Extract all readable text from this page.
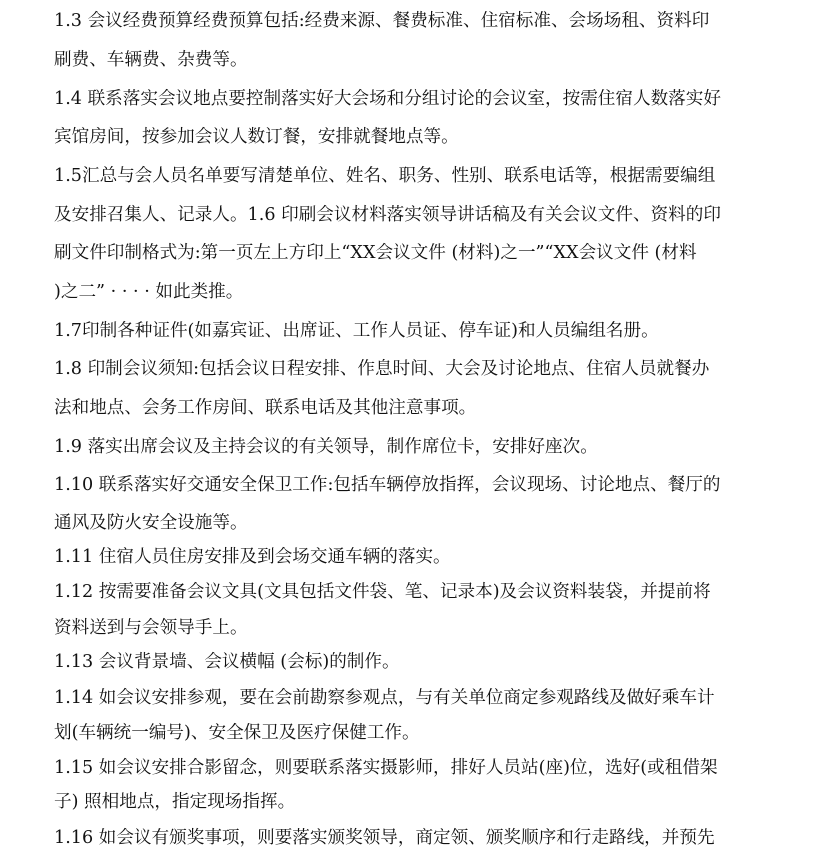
1.3 会议经费预算经费预算包括:经费来源、餐费标准、住宿标准、会场场租、资料印
刷费、车辆费、杂费等。
1.4 联系落实会议地点要控制落实好大会场和分组讨论的会议室，按需住宿人数落实好
宾馆房间，按参加会议人数订餐，安排就餐地点等。
1.5汇总与会人员名单要写清楚单位、姓名、职务、性别、联系电话等，根据需要编组
及安排召集人、记录人。1.6 印刷会议材料落实领导讲话稿及有关会议文件、资料的印
刷文件印制格式为:第一页左上方印上“XX会议文件 (材料)之一”“XX会议文件 (材料
)之二” · · · · 如此类推。
1.7印制各种证件(如嘉宾证、出席证、工作人员证、停车证)和人员编组名册。
1.8 印制会议须知:包括会议日程安排、作息时间、大会及讨论地点、住宿人员就餐办
法和地点、会务工作房间、联系电话及其他注意事项。
1.9 落实出席会议及主持会议的有关领导，制作席位卡，安排好座次。
1.10 联系落实好交通安全保卫工作:包括车辆停放指挥，会议现场、讨论地点、餐厅的
通风及防火安全设施等。
1.11 住宿人员住房安排及到会场交通车辆的落实。
1.12 按需要准备会议文具(文具包括文件袋、笔、记录本)及会议资料装袋，并提前将
资料送到与会领导手上。
1.13 会议背景墙、会议横幅 (会标)的制作。
1.14 如会议安排参观，要在会前勘察参观点，与有关单位商定参观路线及做好乘车计
划(车辆统一编号)、安全保卫及医疗保健工作。
1.15 如会议安排合影留念，则要联系落实摄影师，排好人员站(座)位，选好(或租借架
子) 照相地点，指定现场指挥。
1.16 如会议有颁奖事项，则要落实颁奖领导，商定领、颁奖顺序和行走路线，并预先
